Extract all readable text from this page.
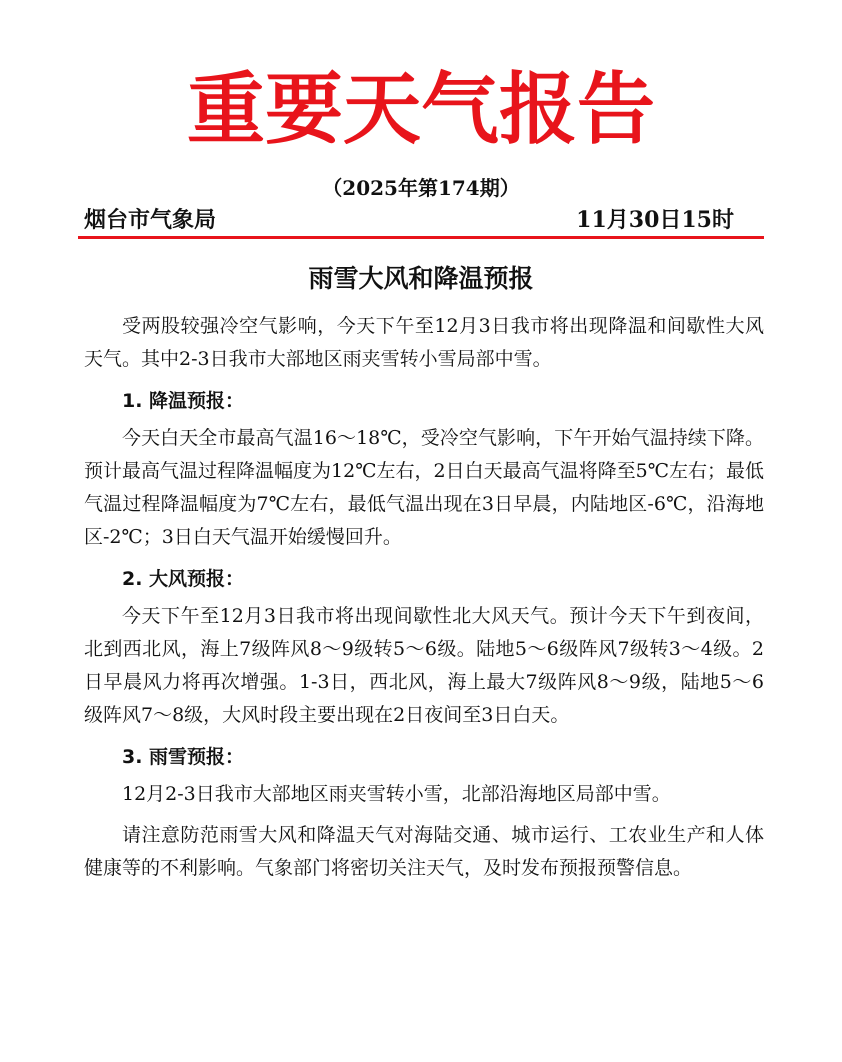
重要天气报告
（2025年第174期）
烟台市气象局	11月30日15时
雨雪大风和降温预报

受两股较强冷空气影响，今天下午至12月3日我市将出现降温和间歇性大风天气。其中2-3日我市大部地区雨夹雪转小雪局部中雪。

1. 降温预报：

今天白天全市最高气温16～18℃，受冷空气影响，下午开始气温持续下降。预计最高气温过程降温幅度为12℃左右，2日白天最高气温将降至5℃左右；最低气温过程降温幅度为7℃左右，最低气温出现在3日早晨，内陆地区-6℃，沿海地区-2℃；3日白天气温开始缓慢回升。

2. 大风预报：

今天下午至12月3日我市将出现间歇性北大风天气。预计今天下午到夜间，北到西北风，海上7级阵风8～9级转5～6级。陆地5～6级阵风7级转3～4级。2日早晨风力将再次增强。1-3日，西北风，海上最大7级阵风8～9级，陆地5～6级阵风7～8级，大风时段主要出现在2日夜间至3日白天。

3. 雨雪预报：

12月2-3日我市大部地区雨夹雪转小雪，北部沿海地区局部中雪。

请注意防范雨雪大风和降温天气对海陆交通、城市运行、工农业生产和人体健康等的不利影响。气象部门将密切关注天气，及时发布预报预警信息。
